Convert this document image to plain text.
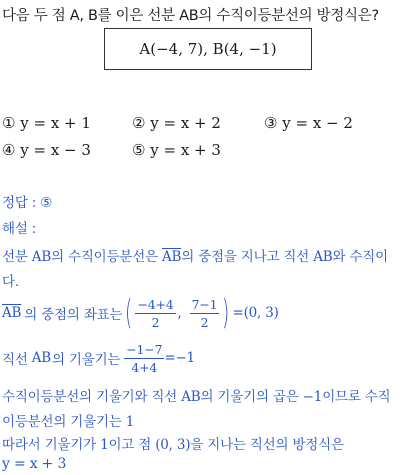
다음 두 점 A, B를 이은 선분 AB의 수직이등분선의 방정식은?
A(−4, 7), B(4, −1)
① y = x + 1	② y = x + 2	③ y = x − 2
④ y = x − 3	⑤ y = x + 3
정답 : ⑤
해설 :
선분 AB의 수직이등분선은 $\overline{AB}$의 중점을 지나고 직선 AB와 수직이
다.
$\overline{AB}$ 의 중점의 좌표는 ( $\frac{-4+4}{2}$ , $\frac{7-1}{2}$ ) =(0, 3)
직선 AB 의 기울기는 $\frac{-1-7}{4+4} =-1$
수직이등분선의 기울기와 직선 AB의 기울기의 곱은 −1이므로 수직
이등분선의 기울기는 1
따라서 기울기가 1이고 점 (0, 3)을 지나는 직선의 방정식은
y = x + 3
